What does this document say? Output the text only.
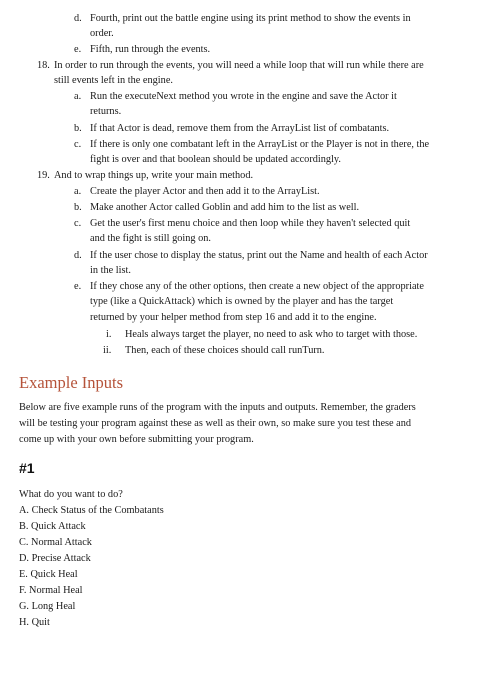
d. Fourth, print out the battle engine using its print method to show the events in
order.
e. Fifth, run through the events.
18. In order to run through the events, you will need a while loop that will run while there are
still events left in the engine.
a. Run the executeNext method you wrote in the engine and save the Actor it
returns.
b. If that Actor is dead, remove them from the ArrayList list of combatants.
c. If there is only one combatant left in the ArrayList or the Player is not in there, the
fight is over and that boolean should be updated accordingly.
19. And to wrap things up, write your main method.
a. Create the player Actor and then add it to the ArrayList.
b. Make another Actor called Goblin and add him to the list as well.
c. Get the user's first menu choice and then loop while they haven't selected quit
and the fight is still going on.
d. If the user chose to display the status, print out the Name and health of each Actor
in the list.
e. If they chose any of the other options, then create a new object of the appropriate
type (like a QuickAttack) which is owned by the player and has the target
returned by your helper method from step 16 and add it to the engine.
i. Heals always target the player, no need to ask who to target with those.
ii. Then, each of these choices should call runTurn.
Example Inputs
Below are five example runs of the program with the inputs and outputs. Remember, the graders
will be testing your program against these as well as their own, so make sure you test these and
come up with your own before submitting your program.
#1
What do you want to do?
A. Check Status of the Combatants
B. Quick Attack
C. Normal Attack
D. Precise Attack
E. Quick Heal
F. Normal Heal
G. Long Heal
H. Quit
